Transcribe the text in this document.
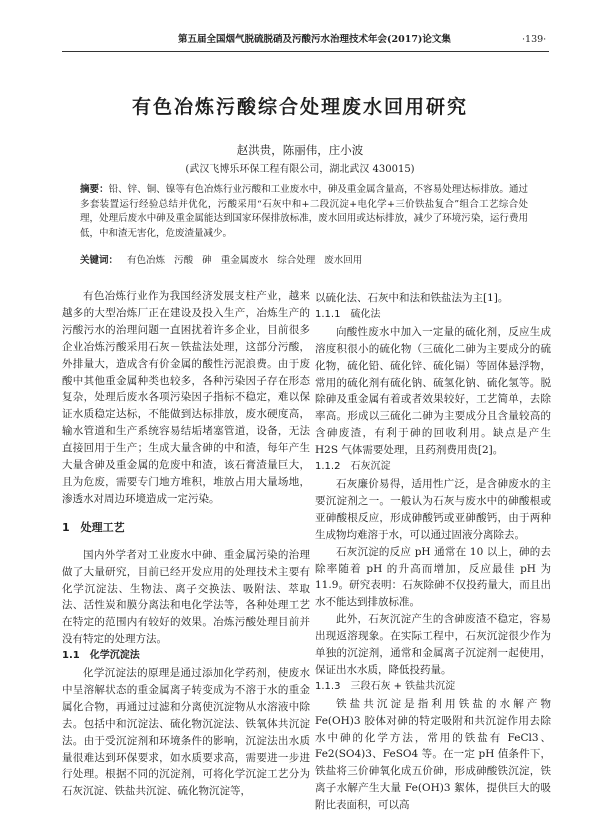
第五届全国烟气脱硫脱硝及污酸污水治理技术年会(2017)论文集	·139·
有色冶炼污酸综合处理废水回用研究
赵洪贵，陈丽伟，庄小波
(武汉飞博乐环保工程有限公司，湖北武汉 430015)

摘要：铅、锌、铜、镍等有色冶炼行业污酸和工业废水中，砷及重金属含量高，不容易处理达标排放。通过多套装置运行经验总结并优化，污酸采用“石灰中和+二段沉淀+电化学+三价铁盐复合”组合工艺综合处理，处理后废水中砷及重金属能达到国家环保排放标准，废水回用或达标排放，减少了环境污染，运行费用低，中和渣无害化，危废渣量减少。

关键词： 有色冶炼 污酸 砷 重金属废水 综合处理 废水回用

有色冶炼行业作为我国经济发展支柱产业，越来越多的大型冶炼厂正在建设及投入生产，冶炼生产的污酸污水的治理问题一直困扰着许多企业，目前很多企业冶炼污酸采用石灰－铁盐法处理，这部分污酸，外排量大，造成含有价金属的酸性污泥浪费。由于废酸中其他重金属种类也较多，各种污染因子存在形态复杂，处理后废水各项污染因子指标不稳定，难以保证水质稳定达标，不能做到达标排放，废水硬度高，输水管道和生产系统容易结垢堵塞管道，设备，无法直接回用于生产；生成大量含砷的中和渣，每年产生大量含砷及重金属的危废中和渣，该石膏渣量巨大，且为危废，需要专门地方堆积，堆放占用大量场地，渗透水对周边环境造成一定污染。

1　处理工艺

国内外学者对工业废水中砷、重金属污染的治理做了大量研究，目前已经开发应用的处理技术主要有化学沉淀法、生物法、离子交换法、吸附法、萃取法、活性炭和膜分离法和电化学法等，各种处理工艺在特定的范围内有较好的效果。冶炼污酸处理目前并没有特定的处理方法。

1.1　化学沉淀法

化学沉淀法的原理是通过添加化学药剂，使废水中呈溶解状态的重金属离子转变成为不溶于水的重金属化合物，再通过过滤和分离使沉淀物从水溶液中除去。包括中和沉淀法、硫化物沉淀法、铁氧体共沉淀法。由于受沉淀剂和环境条件的影响，沉淀法出水质量很难达到环保要求，如水质要求高，需要进一步进行处理。根据不同的沉淀剂，可将化学沉淀工艺分为石灰沉淀、铁盐共沉淀、硫化物沉淀等，

以硫化法、石灰中和法和铁盐法为主[1]。

1.1.1　硫化法

向酸性废水中加入一定量的硫化剂，反应生成溶度积很小的硫化物（三硫化二砷为主要成分的硫化物，硫化铅、硫化锌、硫化镉）等固体悬浮物，常用的硫化剂有硫化钠、硫氢化钠、硫化氢等。脱除砷及重金属有着或者效果较好，工艺简单，去除率高。形成以三硫化二砷为主要成分且含量较高的含砷废渣，有利于砷的回收利用。缺点是产生 H2S 气体需要处理，且药剂费用贵[2]。

1.1.2　石灰沉淀

石灰廉价易得，适用性广泛，是含砷废水的主要沉淀剂之一。一般认为石灰与废水中的砷酸根或亚砷酸根反应，形成砷酸钙或亚砷酸钙，由于两种生成物均难溶于水，可以通过固液分离除去。

石灰沉淀的反应 pH 通常在 10 以上，砷的去除率随着 pH 的升高而增加，反应最佳 pH 为 11.9。研究表明：石灰除砷不仅投药量大，而且出水不能达到排放标准。

此外，石灰沉淀产生的含砷废渣不稳定，容易出现返溶现象。在实际工程中，石灰沉淀很少作为单独的沉淀剂，通常和金属离子沉淀剂一起使用，保证出水水质，降低投药量。

1.1.3　三段石灰 + 铁盐共沉淀

铁盐共沉淀是指利用铁盐的水解产物 Fe(OH)3 胶体对砷的特定吸附和共沉淀作用去除水中砷的化学方法，常用的铁盐有 FeCl3、Fe2(SO4)3、FeSO4 等。在一定 pH 值条件下，铁盐将三价砷氧化成五价砷，形成砷酸铁沉淀，铁离子水解产生大量 Fe(OH)3 絮体，提供巨大的吸附比表面积，可以高
